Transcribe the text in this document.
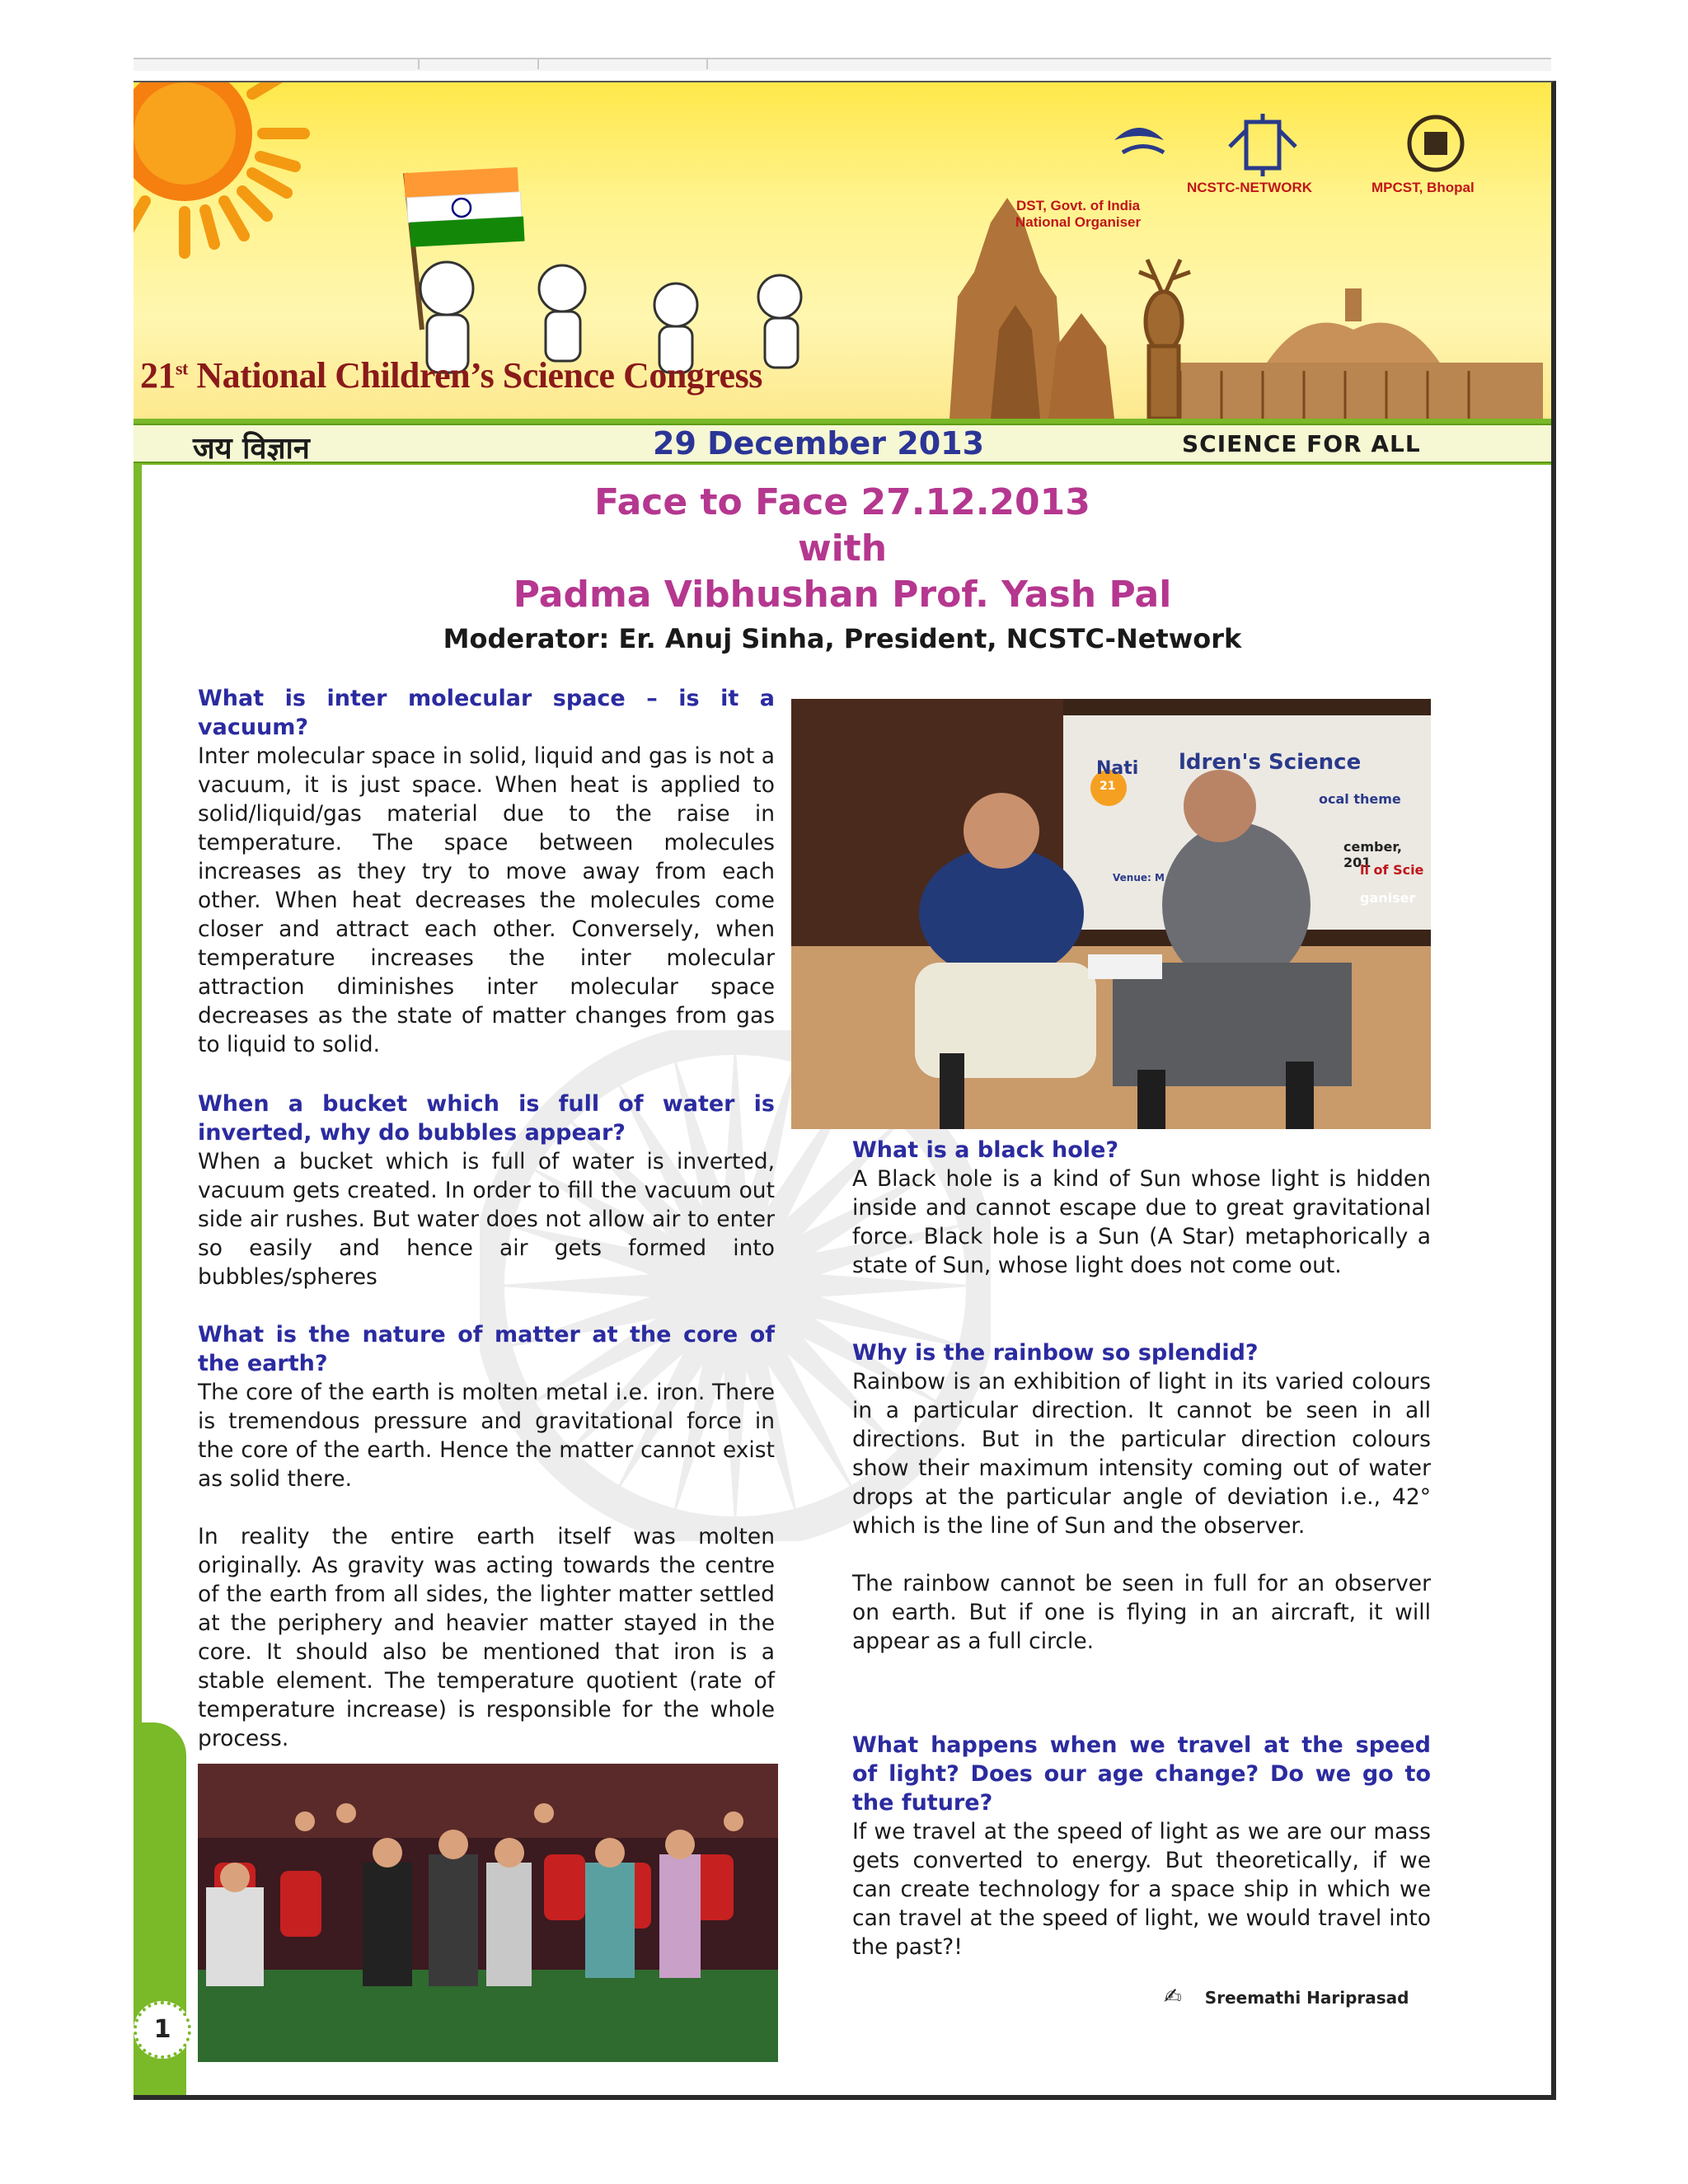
DST, Govt. of India
National Organiser
NCSTC-NETWORK	MPCST, Bhopal
21st National Children’s Science Congress
जय विज्ञान	29 December 2013	SCIENCE FOR ALL
1
Face to Face 27.12.2013
with
Padma Vibhushan Prof. Yash Pal
Moderator: Er. Anuj Sinha, President, NCSTC-Network

What is inter molecular space – is it a vacuum?

Inter molecular space in solid, liquid and gas is not a vacuum, it is just space. When heat is applied to solid/liquid/gas material due to the raise in temperature. The space between molecules increases as they try to move away from each other. When heat decreases the molecules come closer and attract each other. Conversely, when temperature increases the inter molecular attraction diminishes inter molecular space decreases as the state of matter changes from gas to liquid to solid.

When a bucket which is full of water is inverted, why do bubbles appear?

When a bucket which is full of water is inverted, vacuum gets created. In order to fill the vacuum out side air rushes. But water does not allow air to enter so easily and hence air gets formed into bubbles/spheres

What is the nature of matter at the core of the earth?

The core of the earth is molten metal i.e. iron. There is tremendous pressure and gravitational force in the core of the earth. Hence the matter cannot exist as solid there.

In reality the entire earth itself was molten originally. As gravity was acting towards the centre of the earth from all sides, the lighter matter settled at the periphery and heavier matter stayed in the core. It should also be mentioned that iron is a stable element. The temperature quotient (rate of temperature increase) is responsible for the whole process.

Nati ldren's Science
ocal theme
cember, 201
ll of Scie
ganiser
Venue: M
21

What is a black hole?

A Black hole is a kind of Sun whose light is hidden inside and cannot escape due to great gravitational force. Black hole is a Sun (A Star) metaphorically a state of Sun, whose light does not come out.

Why is the rainbow so splendid?

Rainbow is an exhibition of light in its varied colours in a particular direction. It cannot be seen in all directions. But in the particular direction colours show their maximum intensity coming out of water drops at the particular angle of deviation i.e., 42° which is the line of Sun and the observer.

The rainbow cannot be seen in full for an observer on earth. But if one is flying in an aircraft, it will appear as a full circle.

What happens when we travel at the speed of light? Does our age change? Do we go to the future?

If we travel at the speed of light as we are our mass gets converted to energy. But theoretically, if we can create technology for a space ship in which we can travel at the speed of light, we would travel into the past?!

✍ Sreemathi Hariprasad
